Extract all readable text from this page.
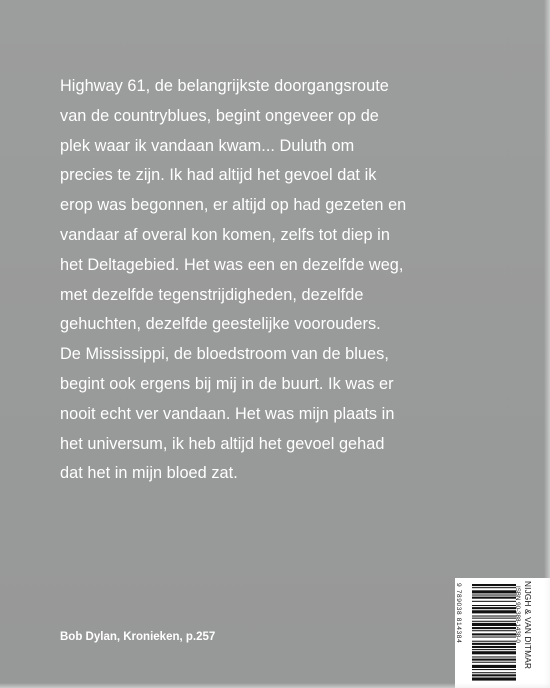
Highway 61, de belangrijkste doorgangsroute
van de countryblues, begint ongeveer op de
plek waar ik vandaan kwam... Duluth om
precies te zijn. Ik had altijd het gevoel dat ik
erop was begonnen, er altijd op had gezeten en
vandaar af overal kon komen, zelfs tot diep in
het Deltagebied. Het was een en dezelfde weg,
met dezelfde tegenstrijdigheden, dezelfde
gehuchten, dezelfde geestelijke voorouders.
De Mississippi, de bloedstroom van de blues,
begint ook ergens bij mij in de buurt. Ik was er
nooit echt ver vandaan. Het was mijn plaats in
het universum, ik heb altijd het gevoel gehad
dat het in mijn bloed zat.

Bob Dylan, Kronieken, p.257	9 789038 814384	ISBN 90-388-1438-0 NIJGH & VAN DITMAR
